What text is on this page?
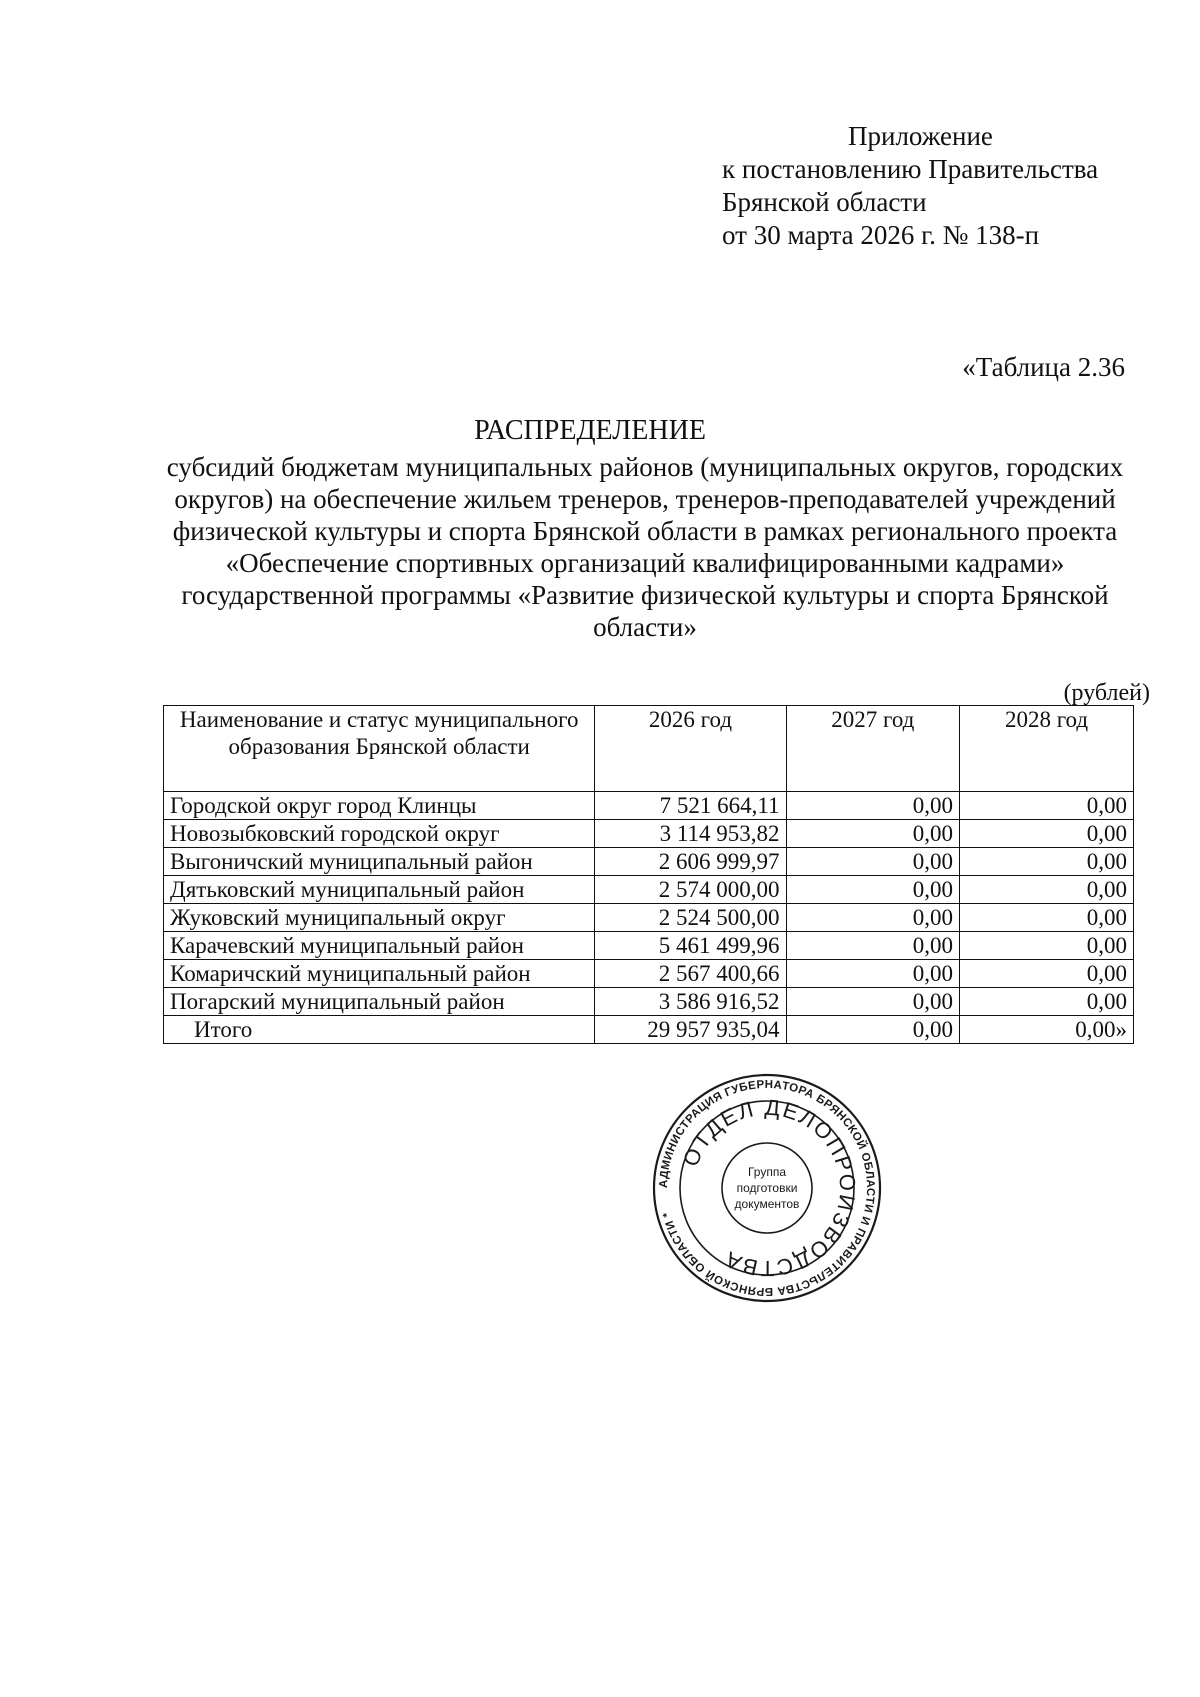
Приложение
к постановлению Правительства
Брянской области
от 30 марта 2026 г. № 138-п
«Таблица 2.36
РАСПРЕДЕЛЕНИЕ
субсидий бюджетам муниципальных районов (муниципальных округов, городских округов) на обеспечение жильем тренеров, тренеров-преподавателей учреждений физической культуры и спорта Брянской области в рамках регионального проекта «Обеспечение спортивных организаций квалифицированными кадрами» государственной программы «Развитие физической культуры и спорта Брянской области»
(рублей)
Наименование и статус муниципального образования Брянской области	2026 год	2027 год	2028 год
Городской округ город Клинцы	7 521 664,11	0,00	0,00
Новозыбковский городской округ	3 114 953,82	0,00	0,00
Выгоничский муниципальный район	2 606 999,97	0,00	0,00
Дятьковский муниципальный район	2 574 000,00	0,00	0,00
Жуковский муниципальный округ	2 524 500,00	0,00	0,00
Карачевский муниципальный район	5 461 499,96	0,00	0,00
Комаричский муниципальный район	2 567 400,66	0,00	0,00
Погарский муниципальный район	3 586 916,52	0,00	0,00
Итого	29 957 935,04	0,00	0,00»
АДМИНИСТРАЦИЯ ГУБЕРНАТОРА БРЯНСКОЙ ОБЛАСТИ И ПРАВИТЕЛЬСТВА БРЯНСКОЙ ОБЛАСТИ *
ОТДЕЛ ДЕЛОПРОИЗВОДСТВА
Группа
подготовки
документов
